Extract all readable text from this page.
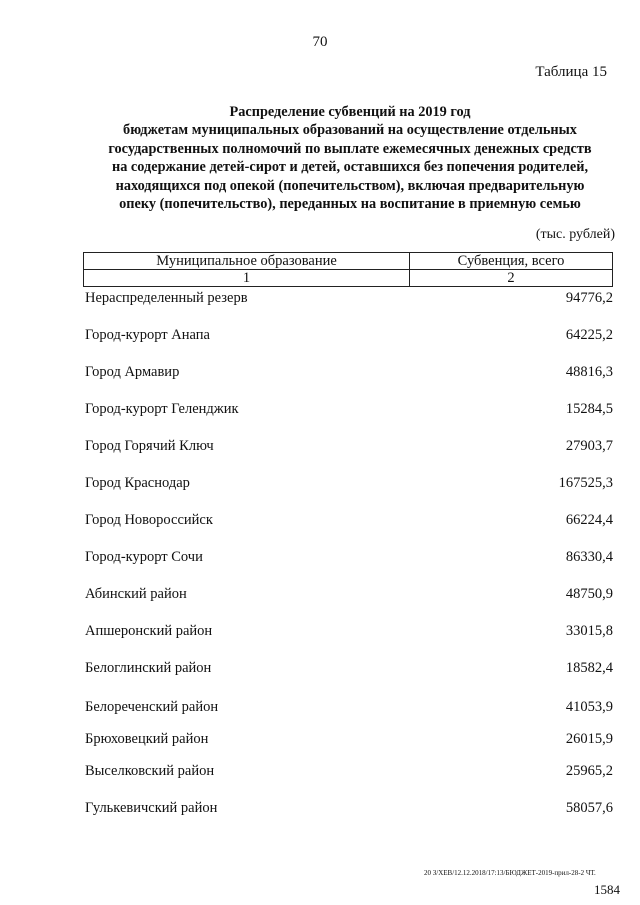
70
Таблица 15
Распределение субвенций на 2019 год
бюджетам муниципальных образований на осуществление отдельных
государственных полномочий по выплате ежемесячных денежных средств
на содержание детей-сирот и детей, оставшихся без попечения родителей,
находящихся под опекой (попечительством), включая предварительную
опеку (попечительство), переданных на воспитание в приемную семью
(тыс. рублей)
Муниципальное образование	Субвенция, всего
1	2
Нераспределенный резерв	94776,2
Город-курорт Анапа	64225,2
Город Армавир	48816,3
Город-курорт Геленджик	15284,5
Город Горячий Ключ	27903,7
Город Краснодар	167525,3
Город Новороссийск	66224,4
Город-курорт Сочи	86330,4
Абинский район	48750,9
Апшеронский район	33015,8
Белоглинский район	18582,4
Белореченский район	41053,9
Брюховецкий район	26015,9
Выселковский район	25965,2
Гулькевичский район	58057,6
20 З/ХЕВ/12.12.2018/17:13/БЮДЖЕТ-2019-прил-28-2 ЧТ.
1584
